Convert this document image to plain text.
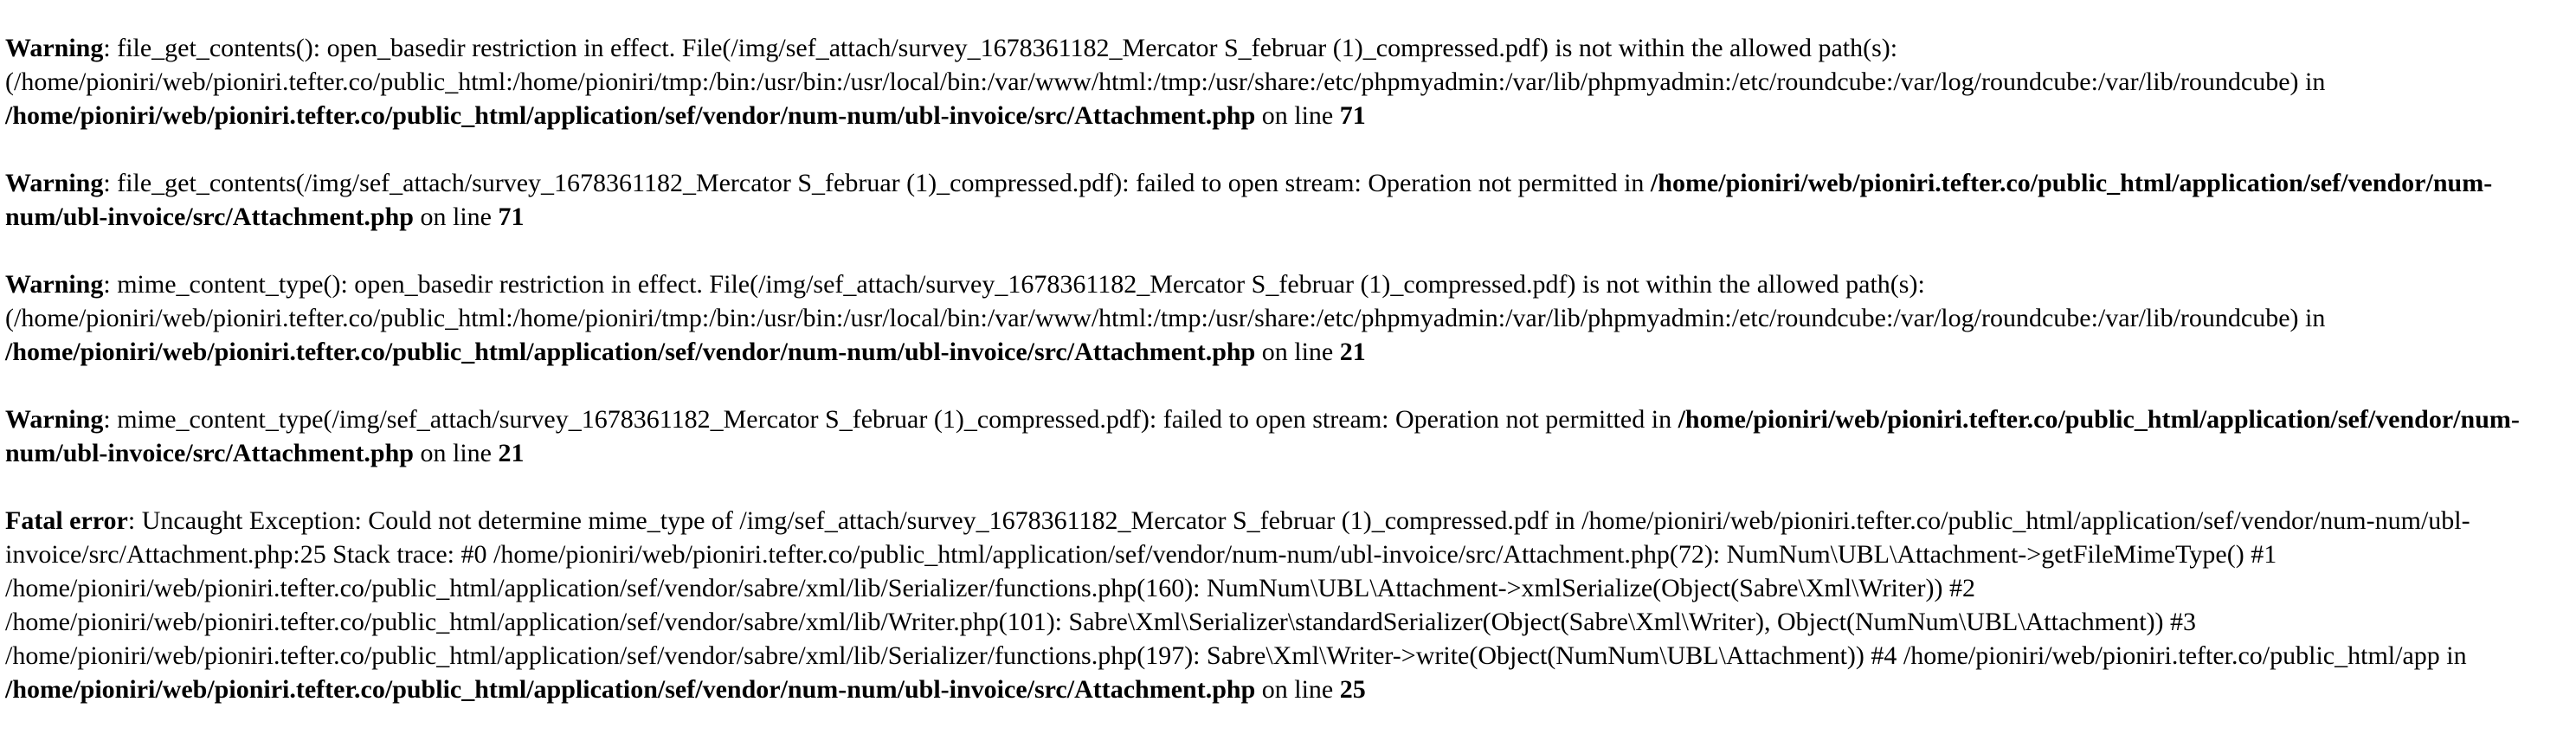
Warning: file_get_contents(): open_basedir restriction in effect. File(/img/sef_attach/survey_1678361182_Mercator S_februar (1)_compressed.pdf) is not within the allowed path(s): (/home/pioniri/web/pioniri.tefter.co/public_html:/home/pioniri/tmp:/bin:/usr/bin:/usr/local/bin:/var/www/html:/tmp:/usr/share:/etc/phpmyadmin:/var/lib/phpmyadmin:/etc/roundcube:/var/log/roundcube:/var/lib/roundcube) in /home/pioniri/web/pioniri.tefter.co/public_html/application/sef/vendor/num-num/ubl-invoice/src/Attachment.php on line 71
Warning: file_get_contents(/img/sef_attach/survey_1678361182_Mercator S_februar (1)_compressed.pdf): failed to open stream: Operation not permitted in /home/pioniri/web/pioniri.tefter.co/public_html/application/sef/vendor/num-num/ubl-invoice/src/Attachment.php on line 71
Warning: mime_content_type(): open_basedir restriction in effect. File(/img/sef_attach/survey_1678361182_Mercator S_februar (1)_compressed.pdf) is not within the allowed path(s): (/home/pioniri/web/pioniri.tefter.co/public_html:/home/pioniri/tmp:/bin:/usr/bin:/usr/local/bin:/var/www/html:/tmp:/usr/share:/etc/phpmyadmin:/var/lib/phpmyadmin:/etc/roundcube:/var/log/roundcube:/var/lib/roundcube) in /home/pioniri/web/pioniri.tefter.co/public_html/application/sef/vendor/num-num/ubl-invoice/src/Attachment.php on line 21
Warning: mime_content_type(/img/sef_attach/survey_1678361182_Mercator S_februar (1)_compressed.pdf): failed to open stream: Operation not permitted in /home/pioniri/web/pioniri.tefter.co/public_html/application/sef/vendor/num-num/ubl-invoice/src/Attachment.php on line 21
Fatal error: Uncaught Exception: Could not determine mime_type of /img/sef_attach/survey_1678361182_Mercator S_februar (1)_compressed.pdf in /home/pioniri/web/pioniri.tefter.co/public_html/application/sef/vendor/num-num/ubl-invoice/src/Attachment.php:25 Stack trace: #0 /home/pioniri/web/pioniri.tefter.co/public_html/application/sef/vendor/num-num/ubl-invoice/src/Attachment.php(72): NumNum\UBL\Attachment->getFileMimeType() #1 /home/pioniri/web/pioniri.tefter.co/public_html/application/sef/vendor/sabre/xml/lib/Serializer/functions.php(160): NumNum\UBL\Attachment->xmlSerialize(Object(Sabre\Xml\Writer)) #2 /home/pioniri/web/pioniri.tefter.co/public_html/application/sef/vendor/sabre/xml/lib/Writer.php(101): Sabre\Xml\Serializer\standardSerializer(Object(Sabre\Xml\Writer), Object(NumNum\UBL\Attachment)) #3 /home/pioniri/web/pioniri.tefter.co/public_html/application/sef/vendor/sabre/xml/lib/Serializer/functions.php(197): Sabre\Xml\Writer->write(Object(NumNum\UBL\Attachment)) #4 /home/pioniri/web/pioniri.tefter.co/public_html/app in /home/pioniri/web/pioniri.tefter.co/public_html/application/sef/vendor/num-num/ubl-invoice/src/Attachment.php on line 25
